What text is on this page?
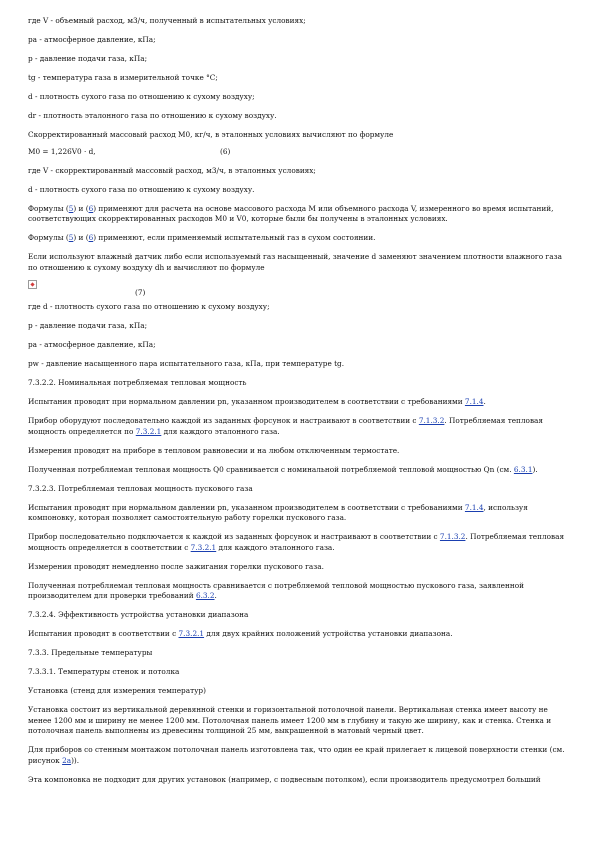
где V - объемный расход, м3/ч, полученный в испытательных условиях;

pa - атмосферное давление, кПа;

p - давление подачи газа, кПа;

tg - температура газа в измерительной точке °С;

d - плотность сухого газа по отношению к сухому воздуху;

dr - плотность эталонного газа по отношению к сухому воздуху.

Скорректированный массовый расход M0, кг/ч, в эталонных условиях вычисляют по формуле

M0 = 1,226V0 · d,	(6)

где V - скорректированный массовый расход, м3/ч, в эталонных условиях;

d - плотность сухого газа по отношению к сухому воздуху.

Формулы (5) и (6) применяют для расчета на основе массового расхода M или объемного расхода V, измеренного во время испытаний, соответствующих скорректированных расходов M0 и V0, которые были бы получены в эталонных условиях.

Формулы (5) и (6) применяют, если применяемый испытательный газ в сухом состоянии.

Если используют влажный датчик либо если используемый газ насыщенный, значение d заменяют значением плотности влажного газа по отношению к сухому воздуху dh и вычисляют по формуле

(7)

где d - плотность сухого газа по отношению к сухому воздуху;

p - давление подачи газа, кПа;

pa - атмосферное давление, кПа;

pw - давление насыщенного пара испытательного газа, кПа, при температуре tg.

7.3.2.2. Номинальная потребляемая тепловая мощность

Испытания проводят при нормальном давлении pn, указанном производителем в соответствии с требованиями 7.1.4.

Прибор оборудуют последовательно каждой из заданных форсунок и настраивают в соответствии с 7.1.3.2. Потребляемая тепловая мощность определяется по 7.3.2.1 для каждого эталонного газа.

Измерения проводят на приборе в тепловом равновесии и на любом отключенным термостате.

Полученная потребляемая тепловая мощность Q0 сравнивается с номинальной потребляемой тепловой мощностью Qn (см. 6.3.1).

7.3.2.3. Потребляемая тепловая мощность пускового газа

Испытания проводят при нормальном давлении pn, указанном производителем в соответствии с требованиями 7.1.4, используя компоновку, которая позволяет самостоятельную работу горелки пускового газа.

Прибор последовательно подключается к каждой из заданных форсунок и настраивают в соответствии с 7.1.3.2. Потребляемая тепловая мощность определяется в соответствии с 7.3.2.1 для каждого эталонного газа.

Измерения проводят немедленно после зажигания горелки пускового газа.

Полученная потребляемая тепловая мощность сравнивается с потребляемой тепловой мощностью пускового газа, заявленной производителем для проверки требований 6.3.2.

7.3.2.4. Эффективность устройства установки диапазона

Испытания проводят в соответствии с 7.3.2.1 для двух крайних положений устройства установки диапазона.

7.3.3. Предельные температуры

7.3.3.1. Температуры стенок и потолка

Установка (стенд для измерения температур)

Установка состоит из вертикальной деревянной стенки и горизонтальной потолочной панели. Вертикальная стенка имеет высоту не менее 1200 мм и ширину не менее 1200 мм. Потолочная панель имеет 1200 мм в глубину и такую же ширину, как и стенка. Стенка и потолочная панель выполнены из древесины толщиной 25 мм, выкрашенной в матовый черный цвет.

Для приборов со стенным монтажом потолочная панель изготовлена так, что один ее край прилегает к лицевой поверхности стенки (см. рисунок 2а)).

Эта компоновка не подходит для других установок (например, с подвесным потолком), если производитель предусмотрел больший
